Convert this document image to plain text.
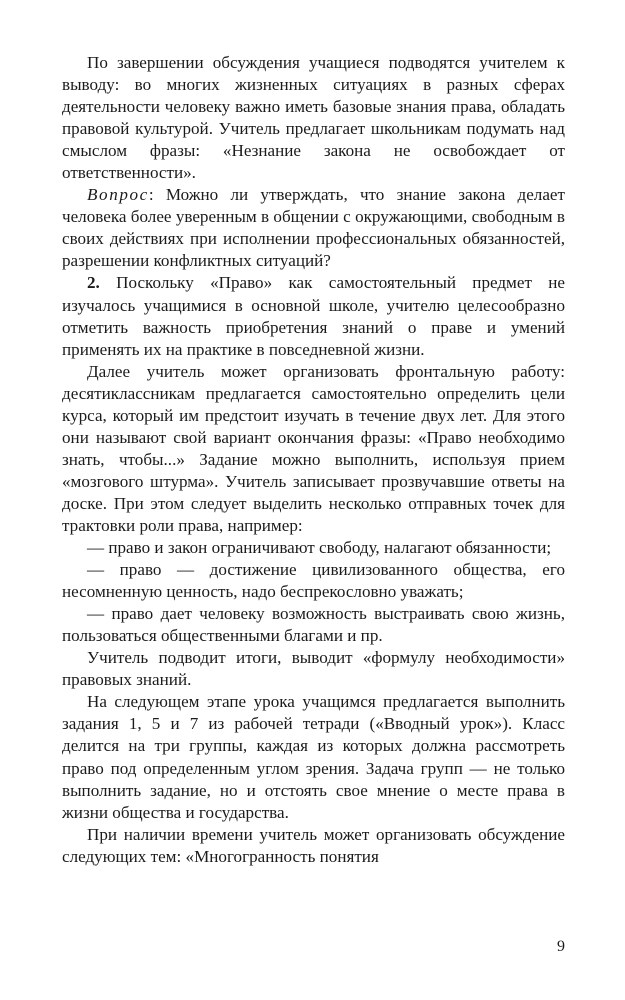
По завершении обсуждения учащиеся подводятся учителем к выводу: во многих жизненных ситуациях в разных сферах деятельности человеку важно иметь базовые знания права, обладать правовой культурой. Учитель предлагает школьникам подумать над смыслом фразы: «Незнание закона не освобождает от ответственности».

Вопрос: Можно ли утверждать, что знание закона делает человека более уверенным в общении с окружающими, свободным в своих действиях при исполнении профессиональных обязанностей, разрешении конфликтных ситуаций?

2. Поскольку «Право» как самостоятельный предмет не изучалось учащимися в основной школе, учителю целесообразно отметить важность приобретения знаний о праве и умений применять их на практике в повседневной жизни.

Далее учитель может организовать фронтальную работу: десятиклассникам предлагается самостоятельно определить цели курса, который им предстоит изучать в течение двух лет. Для этого они называют свой вариант окончания фразы: «Право необходимо знать, чтобы...» Задание можно выполнить, используя прием «мозгового штурма». Учитель записывает прозвучавшие ответы на доске. При этом следует выделить несколько отправных точек для трактовки роли права, например:

— право и закон ограничивают свободу, налагают обязанности;

— право — достижение цивилизованного общества, его несомненную ценность, надо беспрекословно уважать;

— право дает человеку возможность выстраивать свою жизнь, пользоваться общественными благами и пр.

Учитель подводит итоги, выводит «формулу необходимости» правовых знаний.

На следующем этапе урока учащимся предлагается выполнить задания 1, 5 и 7 из рабочей тетради («Вводный урок»). Класс делится на три группы, каждая из которых должна рассмотреть право под определенным углом зрения. Задача групп — не только выполнить задание, но и отстоять свое мнение о месте права в жизни общества и государства.

При наличии времени учитель может организовать обсуждение следующих тем: «Многогранность понятия

9
